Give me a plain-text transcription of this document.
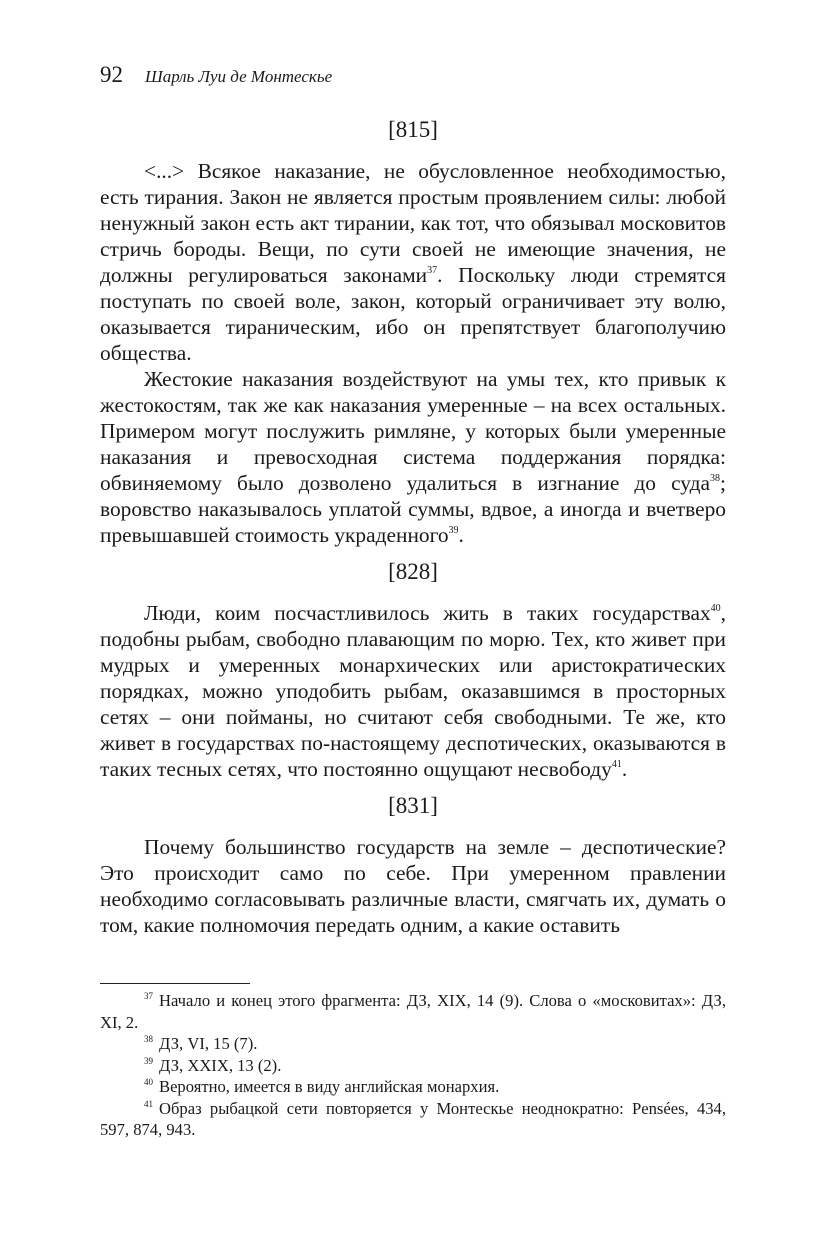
92 Шарль Луи де Монтескье
[815]

<...> Всякое наказание, не обусловленное необходимостью, есть тирания. Закон не является простым проявлением силы: любой ненужный закон есть акт тирании, как тот, что обязывал московитов стричь бороды. Вещи, по сути своей не имеющие значения, не должны регулироваться законами$^{37}$. Поскольку люди стремятся поступать по своей воле, закон, который ограничивает эту волю, оказывается тираническим, ибо он препятствует благополучию общества.

Жестокие наказания воздействуют на умы тех, кто привык к жестокостям, так же как наказания умеренные – на всех остальных. Примером могут послужить римляне, у которых были умеренные наказания и превосходная система поддержания порядка: обвиняемому было дозволено удалиться в изгнание до суда$^{38}$; воровство наказывалось уплатой суммы, вдвое, а иногда и вчетверо превышавшей стоимость украденного$^{39}$.

[828]

Люди, коим посчастливилось жить в таких государствах$^{40}$, подобны рыбам, свободно плавающим по морю. Тех, кто живет при мудрых и умеренных монархических или аристократических порядках, можно уподобить рыбам, оказавшимся в просторных сетях – они пойманы, но считают себя свободными. Те же, кто живет в государствах по-настоящему деспотических, оказываются в таких тесных сетях, что постоянно ощущают несвободу$^{41}$.

[831]

Почему большинство государств на земле – деспотические? Это происходит само по себе. При умеренном правлении необходимо согласовывать различные власти, смягчать их, думать о том, какие полномочия передать одним, а какие оставить

$^{37}$ Начало и конец этого фрагмента: ДЗ, XIX, 14 (9). Слова о «московитах»: ДЗ, XI, 2.

$^{38}$ ДЗ, VI, 15 (7).

$^{39}$ ДЗ, XXIX, 13 (2).

$^{40}$ Вероятно, имеется в виду английская монархия.

$^{41}$ Образ рыбацкой сети повторяется у Монтескье неоднократно: Pensées, 434, 597, 874, 943.
